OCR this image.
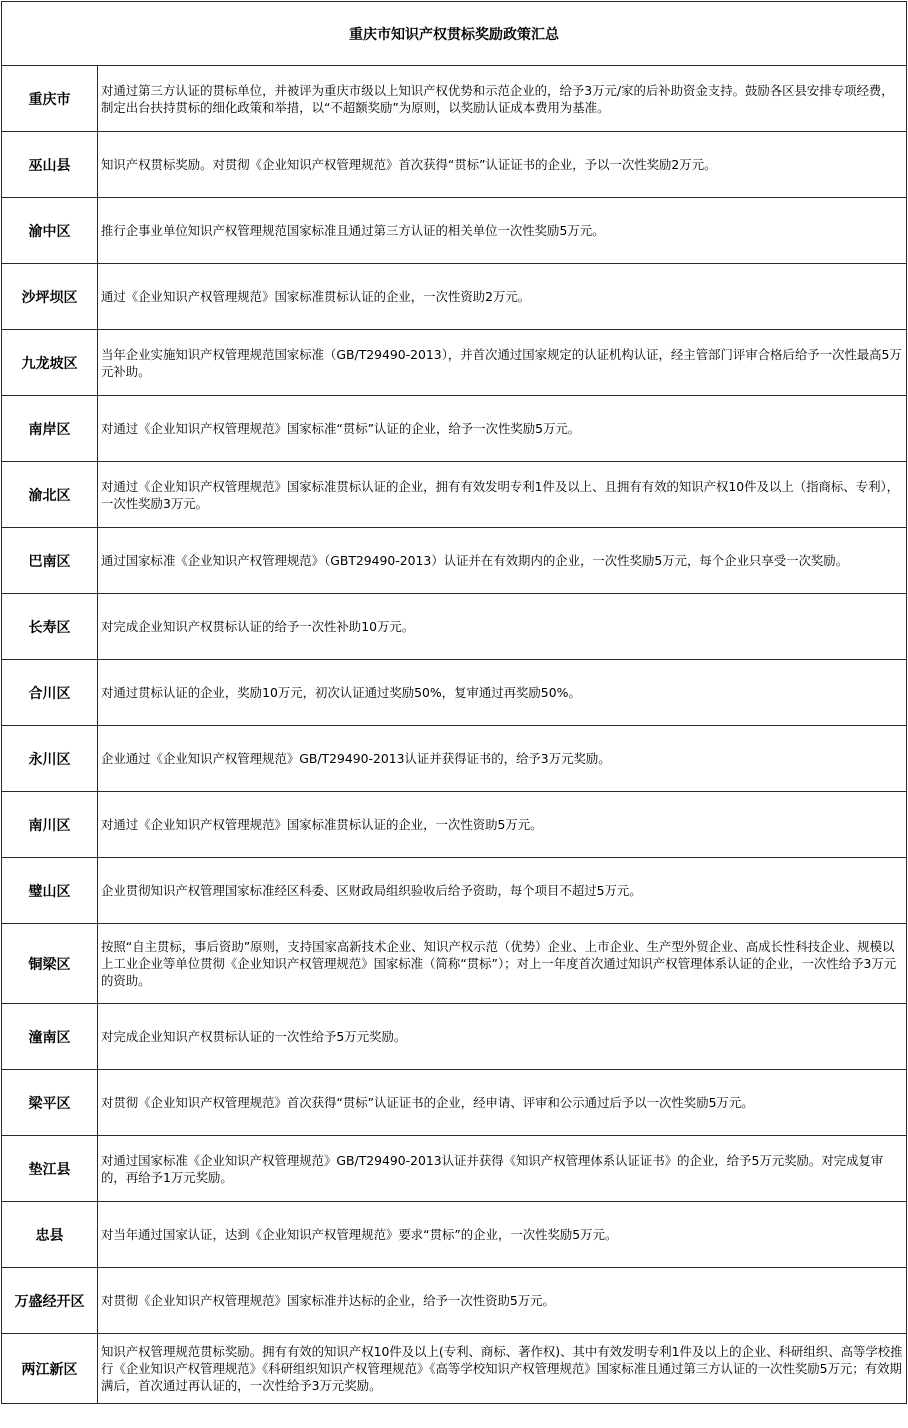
重庆市知识产权贯标奖励政策汇总	
重庆市	对通过第三方认证的贯标单位，并被评为重庆市级以上知识产权优势和示范企业的，给予3万元/家的后补助资金支持。鼓励各区县安排专项经费，制定出台扶持贯标的细化政策和举措，以“不超额奖励”为原则，以奖励认证成本费用为基准。
巫山县	知识产权贯标奖励。对贯彻《企业知识产权管理规范》首次获得“贯标”认证证书的企业，予以一次性奖励2万元。
渝中区	推行企事业单位知识产权管理规范国家标准且通过第三方认证的相关单位一次性奖励5万元。
沙坪坝区	通过《企业知识产权管理规范》国家标准贯标认证的企业，一次性资助2万元。
九龙坡区	当年企业实施知识产权管理规范国家标准（GB/T29490-2013），并首次通过国家规定的认证机构认证，经主管部门评审合格后给予一次性最高5万元补助。
南岸区	对通过《企业知识产权管理规范》国家标准“贯标”认证的企业，给予一次性奖励5万元。
渝北区	对通过《企业知识产权管理规范》国家标准贯标认证的企业，拥有有效发明专利1件及以上、且拥有有效的知识产权10件及以上（指商标、专利），一次性奖励3万元。
巴南区	通过国家标准《企业知识产权管理规范》（GBT29490-2013）认证并在有效期内的企业，一次性奖励5万元，每个企业只享受一次奖励。
长寿区	对完成企业知识产权贯标认证的给予一次性补助10万元。
合川区	对通过贯标认证的企业，奖励10万元，初次认证通过奖励50%，复审通过再奖励50%。
永川区	企业通过《企业知识产权管理规范》GB/T29490-2013认证并获得证书的，给予3万元奖励。
南川区	对通过《企业知识产权管理规范》国家标准贯标认证的企业，一次性资助5万元。
璧山区	企业贯彻知识产权管理国家标准经区科委、区财政局组织验收后给予资助，每个项目不超过5万元。
铜梁区	按照“自主贯标，事后资助”原则，支持国家高新技术企业、知识产权示范（优势）企业、上市企业、生产型外贸企业、高成长性科技企业、规模以上工业企业等单位贯彻《企业知识产权管理规范》国家标准（简称“贯标”）；对上一年度首次通过知识产权管理体系认证的企业，一次性给予3万元的资助。
潼南区	对完成企业知识产权贯标认证的一次性给予5万元奖励。
梁平区	对贯彻《企业知识产权管理规范》首次获得“贯标”认证证书的企业，经申请、评审和公示通过后予以一次性奖励5万元。
垫江县	对通过国家标准《企业知识产权管理规范》GB/T29490-2013认证并获得《知识产权管理体系认证证书》的企业，给予5万元奖励。对完成复审的，再给予1万元奖励。
忠县	对当年通过国家认证，达到《企业知识产权管理规范》要求“贯标”的企业，一次性奖励5万元。
万盛经开区	对贯彻《企业知识产权管理规范》国家标准并达标的企业，给予一次性资助5万元。
两江新区	知识产权管理规范贯标奖励。拥有有效的知识产权10件及以上(专利、商标、著作权)、其中有效发明专利1件及以上的企业、科研组织、高等学校推行《企业知识产权管理规范》《科研组织知识产权管理规范》《高等学校知识产权管理规范》国家标准且通过第三方认证的一次性奖励5万元；有效期满后，首次通过再认证的，一次性给予3万元奖励。
